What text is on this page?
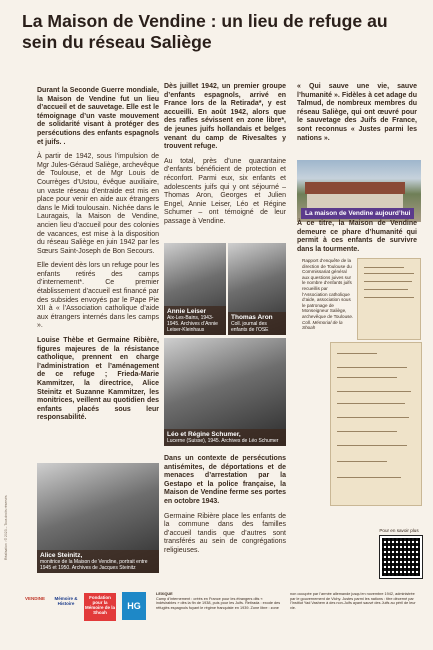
La Maison de Vendine : un lieu de refuge au sein du réseau Saliège

Durant la Seconde Guerre mondiale, la Maison de Vendine fut un lieu d’accueil et de sauvetage. Elle est le témoignage d’un vaste mouvement de solidarité visant à protéger des persécutions des enfants espagnols et juifs. .

À partir de 1942, sous l’impulsion de Mgr Jules-Géraud Saliège, archevêque de Toulouse, et de Mgr Louis de Courrèges d’Ustou, évêque auxiliaire, un vaste réseau d’entraide est mis en place pour venir en aide aux étrangers dans le Midi toulousain. Nichée dans le Lauragais, la Maison de Vendine, ancien lieu d’accueil pour des colonies de vacances, est mise à la disposition du réseau Saliège en juin 1942 par les Sœurs Saint-Joseph de Bon Secours.

Elle devient dès lors un refuge pour les enfants retirés des camps d’internement*. Ce premier établissement d’accueil est financé par des subsides envoyés par le Pape Pie XII à « l’Association catholique d’aide aux étrangers internés dans les camps ».

Louise Thèbe et Germaine Ribière, figures majeures de la résistance catholique, prennent en charge l’administration et l’aménagement de ce refuge ; Frieda-Marie Kammitzer, la directrice, Alice Steinitz et Suzanne Kammitzer, les monitrices, veillent au quotidien des enfants placés sous leur responsabilité.

Dès juillet 1942, un premier groupe d’enfants espagnols, arrivé en France lors de la Retirada*, y est accueilli. En août 1942, alors que des rafles sévissent en zone libre*, de jeunes juifs hollandais et belges venant du camp de Rivesaltes y trouvent refuge.

Au total, près d’une quarantaine d’enfants bénéficient de protection et réconfort. Parmi eux, six enfants et adolescents juifs qui y ont séjourné – Thomas Aron, Georges et Julien Engel, Annie Leiser, Léo et Régine Schumer – ont témoigné de leur passage à Vendine.

« Qui sauve une vie, sauve l’humanité ». Fidèles à cet adage du Talmud, de nombreux membres du réseau Saliège, qui ont œuvré pour le sauvetage des Juifs de France, sont reconnus « Justes parmi les nations ».

La maison de Vendine aujourd’hui

À ce titre, la Maison de Vendine demeure ce phare d’humanité qui permit à ces enfants de survivre dans la tourmente.

Rapport d’enquête de la direction de Toulouse du Commissariat général aux questions juives sur le nombre d’enfants juifs recueillis par l’Association catholique d’aide, association sous le patronage de Monseigneur Saliège, archevêque de Toulouse.
Coll. Mémorial de la Shoah
Annie Leiser
Aix-Les-Bains, 1943-1945. Archives d’Annie Leiser-Kleinhaus
Thomas Aron
Coll. journal des enfants de l’OSE
Léo et Régine Schumer,
Lucerne (Suisse), 1945. Archives de Léo Schumer

Dans un contexte de persécutions antisémites, de déportations et de menaces d’arrestation par la Gestapo et la police française, la Maison de Vendine ferme ses portes en octobre 1943.

Germaine Ribière place les enfants de la commune dans des familles d’accueil tandis que d’autres sont transférés au sein de congrégations religieuses.

Alice Steinitz,
monitrice de la Maison de Vendine, portrait entre 1945 et 1950. Archives de Jacques Steinitz
Pour en savoir plus
LEXIQUE
Camp d’internement : créés en France pour les étrangers dits « indésirables » dès la fin de 1938, puis pour les Juifs. Retirada : exode des réfugiés espagnols fuyant le régime franquiste en 1939. Zone libre : zone non occupée par l’armée allemande jusqu’en novembre 1942, administrée par le gouvernement de Vichy. Justes parmi les nations : titre décerné par l’Institut Yad Vashem à des non-Juifs ayant sauvé des Juifs au péril de leur vie.
VENDINE	Mémoire & Histoire
Fondation pour la Mémoire de la Shoah
HG
Réalisation : © 2023 – Tous droits réservés
